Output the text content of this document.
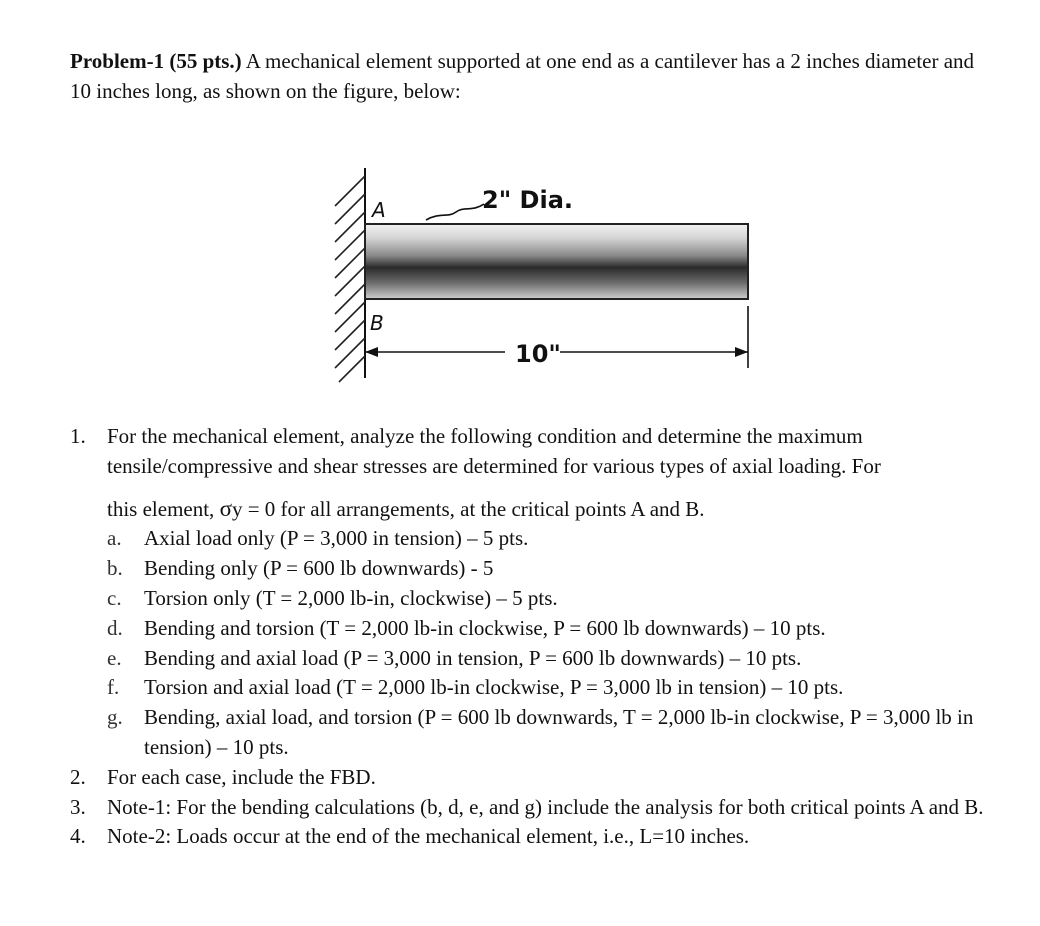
Problem-1 (55 pts.) A mechanical element supported at one end as a cantilever has a 2 inches diameter and 10 inches long, as shown on the figure, below:
A
B
2" Dia.
10"
1. For the mechanical element, analyze the following condition and determine the maximum tensile/compressive and shear stresses are determined for various types of axial loading. For
this element, σy = 0 for all arrangements, at the critical points A and B.
a. Axial load only (P = 3,000 in tension) – 5 pts.
b. Bending only (P = 600 lb downwards) - 5
c. Torsion only (T = 2,000 lb-in, clockwise) – 5 pts.
d. Bending and torsion (T = 2,000 lb-in clockwise, P = 600 lb downwards) – 10 pts.
e. Bending and axial load (P = 3,000 in tension, P = 600 lb downwards) – 10 pts.
f. Torsion and axial load (T = 2,000 lb-in clockwise, P = 3,000 lb in tension) – 10 pts.
g. Bending, axial load, and torsion (P = 600 lb downwards, T = 2,000 lb-in clockwise, P = 3,000 lb in tension) – 10 pts.
2. For each case, include the FBD.
3. Note-1: For the bending calculations (b, d, e, and g) include the analysis for both critical points A and B.
4. Note-2: Loads occur at the end of the mechanical element, i.e., L=10 inches.
